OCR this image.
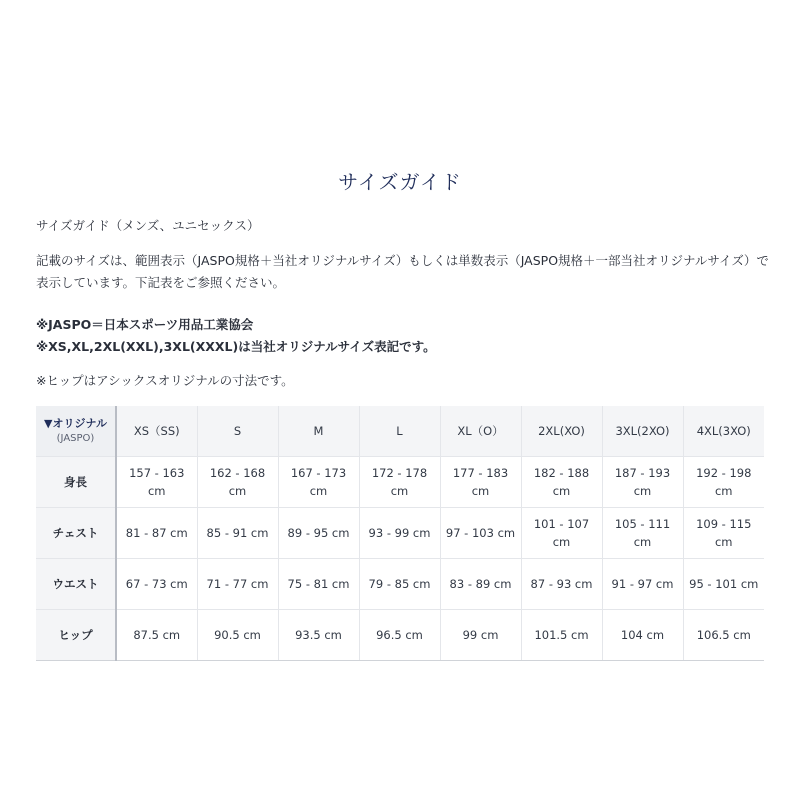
サイズガイド
サイズガイド（メンズ、ユニセックス）
記載のサイズは、範囲表示（JASPO規格＋当社オリジナルサイズ）もしくは単数表示（JASPO規格＋一部当社オリジナルサイズ）で表示しています。下記表をご参照ください。
※JASPO＝日本スポーツ用品工業協会
※XS,XL,2XL(XXL),3XL(XXXL)は当社オリジナルサイズ表記です。
※ヒップはアシックスオリジナルの寸法です。
▼オリジナル
(JASPO)	XS（SS)	S	M	L	XL（O）	2XL(XO)	3XL(2XO)	4XL(3XO)
身長	157 - 163 cm	162 - 168 cm	167 - 173 cm	172 - 178 cm	177 - 183 cm	182 - 188 cm	187 - 193 cm	192 - 198 cm
チェスト	81 - 87 cm	85 - 91 cm	89 - 95 cm	93 - 99 cm	97 - 103 cm	101 - 107 cm	105 - 111 cm	109 - 115 cm
ウエスト	67 - 73 cm	71 - 77 cm	75 - 81 cm	79 - 85 cm	83 - 89 cm	87 - 93 cm	91 - 97 cm	95 - 101 cm
ヒップ	87.5 cm	90.5 cm	93.5 cm	96.5 cm	99 cm	101.5 cm	104 cm	106.5 cm
